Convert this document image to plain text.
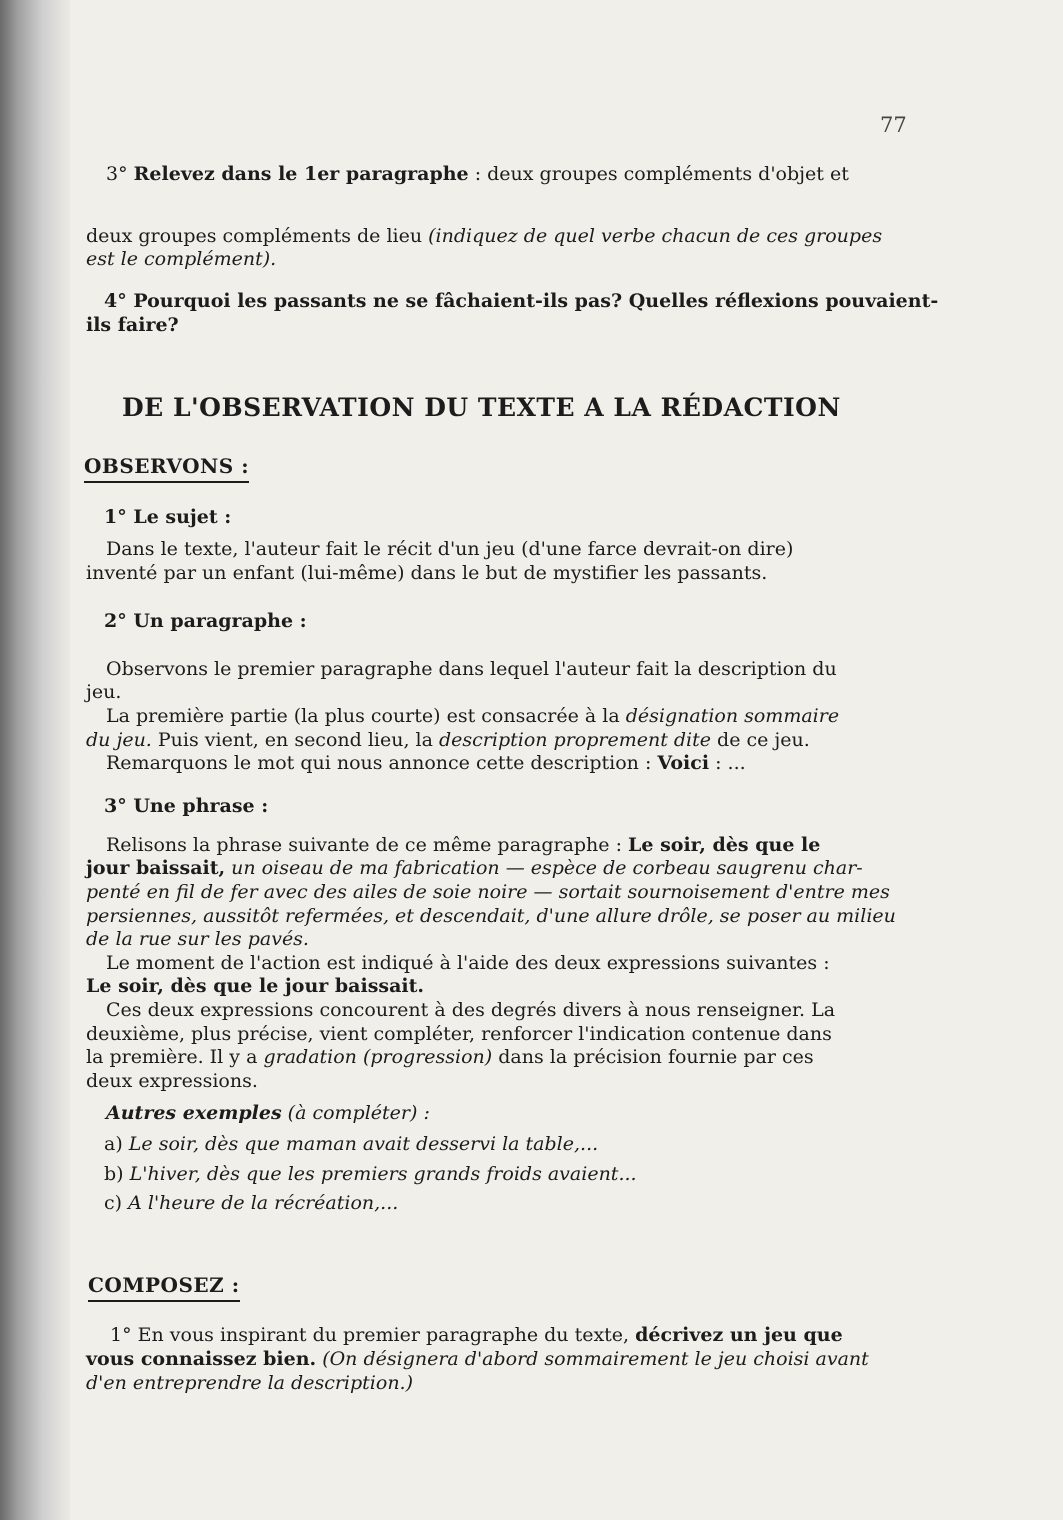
77

3° Relevez dans le 1er paragraphe : deux groupes compléments d'objet et

deux groupes compléments de lieu (indiquez de quel verbe chacun de ces groupes

est le complément).

4° Pourquoi les passants ne se fâchaient-ils pas? Quelles réflexions pouvaient-

ils faire?

DE L'OBSERVATION DU TEXTE A LA RÉDACTION
OBSERVONS :

1° Le sujet :

Dans le texte, l'auteur fait le récit d'un jeu (d'une farce devrait-on dire)

inventé par un enfant (lui-même) dans le but de mystifier les passants.

2° Un paragraphe :

Observons le premier paragraphe dans lequel l'auteur fait la description du

jeu.

La première partie (la plus courte) est consacrée à la désignation sommaire

du jeu. Puis vient, en second lieu, la description proprement dite de ce jeu.

Remarquons le mot qui nous annonce cette description : Voici : ...

3° Une phrase :

Relisons la phrase suivante de ce même paragraphe : Le soir, dès que le

jour baissait, un oiseau de ma fabrication — espèce de corbeau saugrenu char-

penté en fil de fer avec des ailes de soie noire — sortait sournoisement d'entre mes

persiennes, aussitôt refermées, et descendait, d'une allure drôle, se poser au milieu

de la rue sur les pavés.

Le moment de l'action est indiqué à l'aide des deux expressions suivantes :

Le soir, dès que le jour baissait.

Ces deux expressions concourent à des degrés divers à nous renseigner. La

deuxième, plus précise, vient compléter, renforcer l'indication contenue dans

la première. Il y a gradation (progression) dans la précision fournie par ces

deux expressions.

Autres exemples (à compléter) :

a) Le soir, dès que maman avait desservi la table,...

b) L'hiver, dès que les premiers grands froids avaient...

c) A l'heure de la récréation,...

COMPOSEZ :

1° En vous inspirant du premier paragraphe du texte, décrivez un jeu que

vous connaissez bien. (On désignera d'abord sommairement le jeu choisi avant

d'en entreprendre la description.)
